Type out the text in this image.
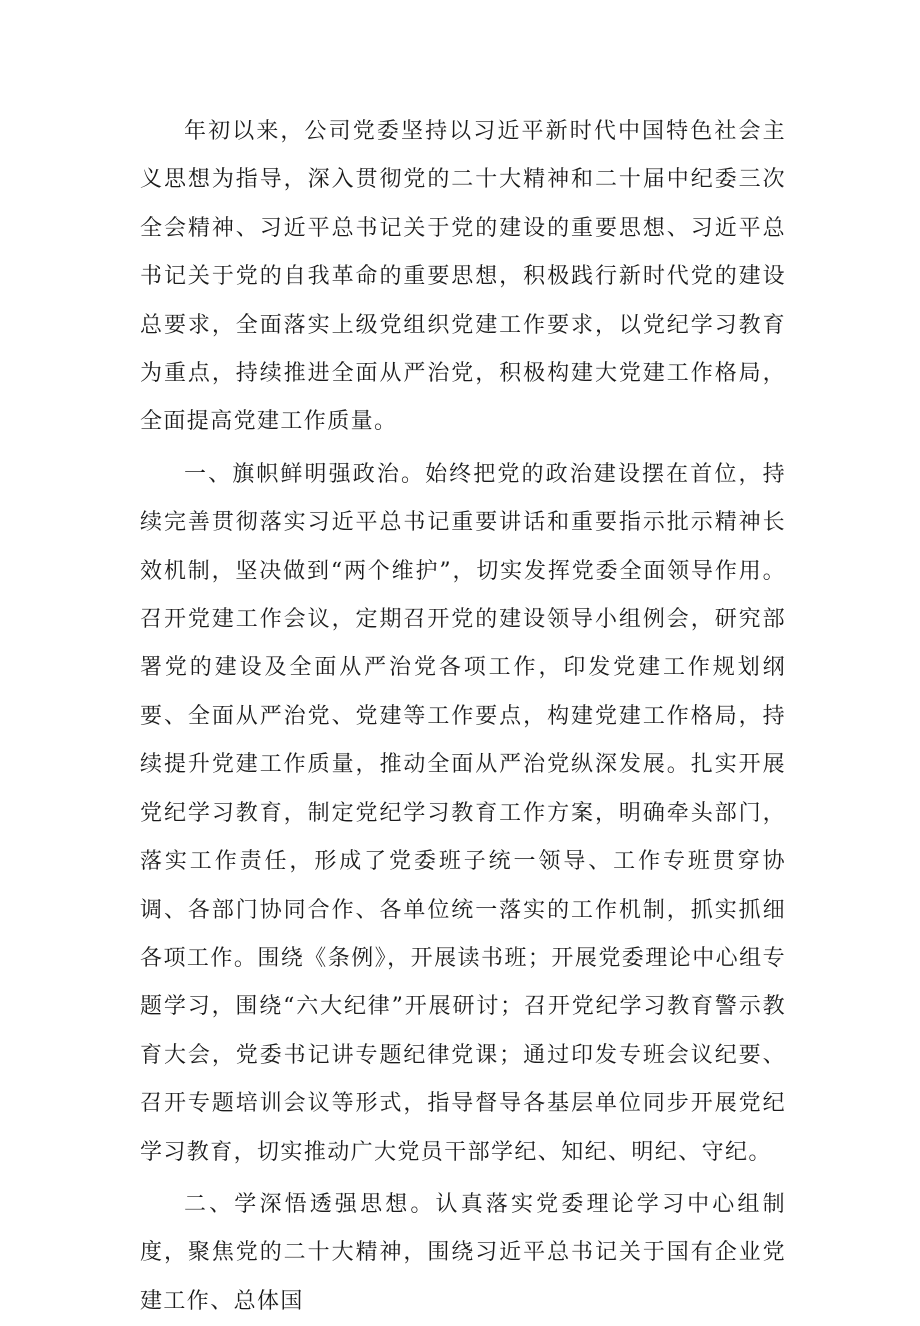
年初以来，公司党委坚持以习近平新时代中国特色社会主义思想为指导，深入贯彻党的二十大精神和二十届中纪委三次全会精神、习近平总书记关于党的建设的重要思想、习近平总书记关于党的自我革命的重要思想，积极践行新时代党的建设总要求，全面落实上级党组织党建工作要求，以党纪学习教育为重点，持续推进全面从严治党，积极构建大党建工作格局，全面提高党建工作质量。

一、旗帜鲜明强政治。始终把党的政治建设摆在首位，持续完善贯彻落实习近平总书记重要讲话和重要指示批示精神长效机制，坚决做到“两个维护”，切实发挥党委全面领导作用。召开党建工作会议，定期召开党的建设领导小组例会，研究部署党的建设及全面从严治党各项工作，印发党建工作规划纲要、全面从严治党、党建等工作要点，构建党建工作格局，持续提升党建工作质量，推动全面从严治党纵深发展。扎实开展党纪学习教育，制定党纪学习教育工作方案，明确牵头部门，落实工作责任，形成了党委班子统一领导、工作专班贯穿协调、各部门协同合作、各单位统一落实的工作机制，抓实抓细各项工作。围绕《条例》，开展读书班；开展党委理论中心组专题学习，围绕“六大纪律”开展研讨；召开党纪学习教育警示教育大会，党委书记讲专题纪律党课；通过印发专班会议纪要、召开专题培训会议等形式，指导督导各基层单位同步开展党纪学习教育，切实推动广大党员干部学纪、知纪、明纪、守纪。

二、学深悟透强思想。认真落实党委理论学习中心组制度，聚焦党的二十大精神，围绕习近平总书记关于国有企业党建工作、总体国
